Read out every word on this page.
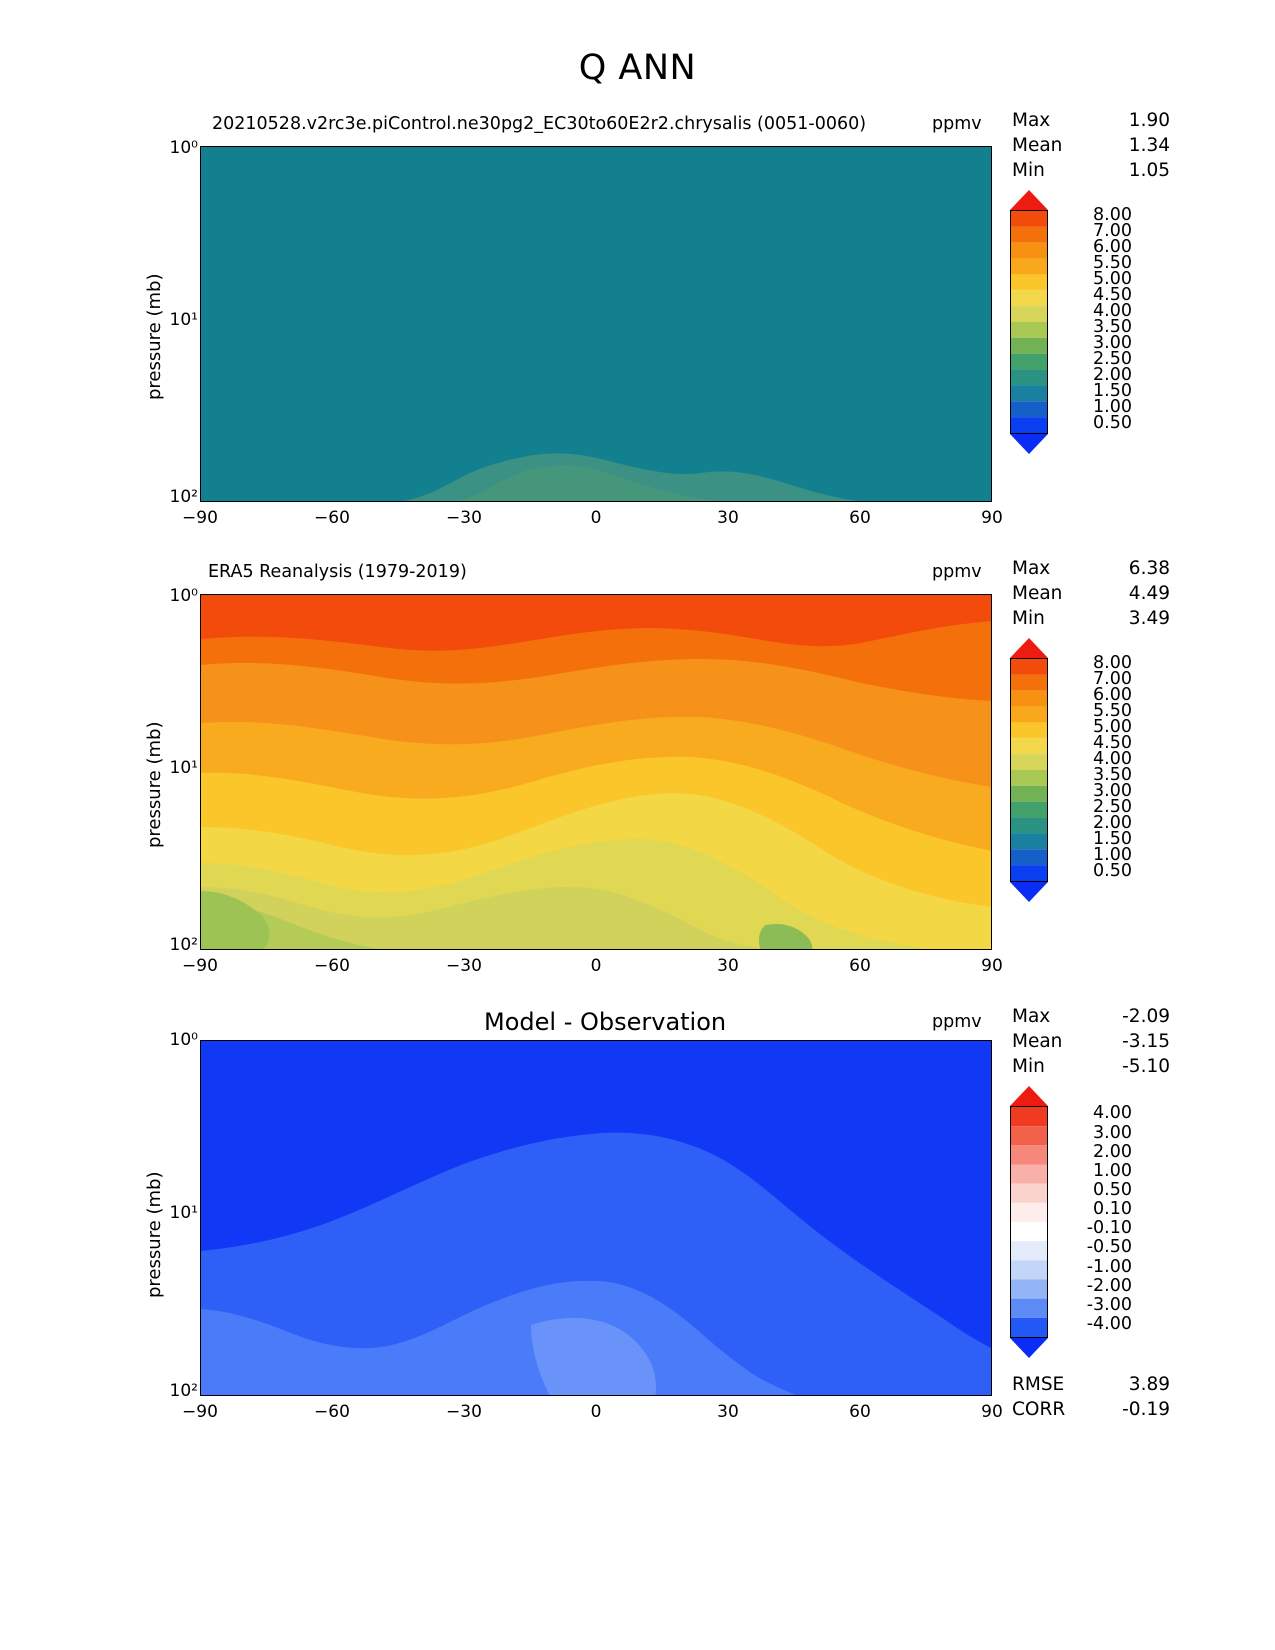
Q ANN
20210528.v2rc3e.piControl.ne30pg2_EC30to60E2r2.chrysalis (0051-0060)	ppmv
pressure (mb)
10⁰
10¹
10²
−90	−60	−30	0	30	60	90
Max	1.90
Mean	1.34
Min	1.05
8.00
7.00
6.00
5.50
5.00
4.50
4.00
3.50
3.00
2.50
2.00
1.50
1.00
0.50
ERA5 Reanalysis (1979-2019)	ppmv
pressure (mb)
10⁰
10¹
10²
−90	−60	−30	0	30	60	90
Max	6.38
Mean	4.49
Min	3.49
8.00
7.00
6.00
5.50
5.00
4.50
4.00
3.50
3.00
2.50
2.00
1.50
1.00
0.50
Model - Observation	ppmv
pressure (mb)
10⁰
10¹
10²
−90	−60	−30	0	30	60	90
Max	-2.09
Mean	-3.15
Min	-5.10
4.00
3.00
2.00
1.00
0.50
0.10
-0.10
-0.50
-1.00
-2.00
-3.00
-4.00
RMSE	3.89
CORR	-0.19
